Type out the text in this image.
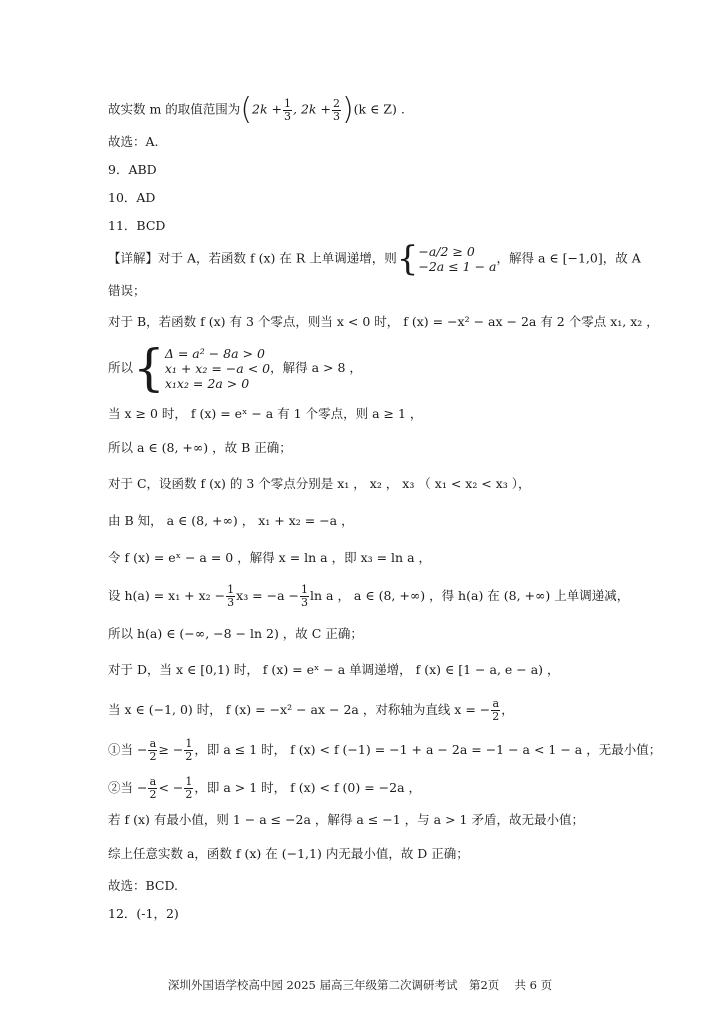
故实数 m 的取值范围为($2k + \frac{1}{3}$ , $2k + \frac{2}{3} )(k$ ∈ Z) .
故选：A.
9．ABD
10．AD
11．BCD
【详解】对于 A，若函数 f (x) 在 R 上单调递增，则{ −a/2 ≥ 0
−2a ≤ 1 − a
，解得 a ∈ [−1,0]，故 A
错误；
对于 B，若函数 f (x) 有 3 个零点，则当 x < 0 时， f (x) = −x² − ax − 2a 有 2 个零点 x₁, x₂ ，
所以{ Δ = a² − 8a > 0
x₁ + x₂ = −a < 0
x₁x₂ = 2a > 0
，解得 a > 8 ，
当 x ≥ 0 时， f (x) = eˣ − a 有 1 个零点，则 a ≥ 1 ，
所以 a ∈ (8, +∞) ，故 B 正确；
对于 C，设函数 f (x) 的 3 个零点分别是 x₁ ， x₂ ， x₃ （ x₁ < x₂ < x₃ ），
由 B 知， a ∈ (8, +∞) ， x₁ + x₂ = −a ，
令 f (x) = eˣ − a = 0 ，解得 x = ln a ，即 x₃ = ln a ，
设 $h(a) = x_1 + x_2 - \frac{1}{3} x_3 = -a - \frac{1}{3}$ ln a ， a ∈ (8, +∞) ，得 h(a) 在 (8, +∞) 上单调递减，
所以 h(a) ∈ (−∞, −8 − ln 2) ，故 C 正确；
对于 D，当 x ∈ [0,1) 时， f (x) = eˣ − a 单调递增， f (x) ∈ [1 − a, e − a) ，
当 x ∈ (−1, 0) 时， f (x) = −x² − ax − 2a ，对称轴为直线 x = − $\frac{a}{2}$ ，
①当 − $\frac{a}{2}$ ≥ − $\frac{1}{2}$ ，即 a ≤ 1 时， f (x) < f (−1) = −1 + a − 2a = −1 − a < 1 − a ，无最小值；
②当 − $\frac{a}{2}$ < − $\frac{1}{2}$ ，即 a > 1 时， f (x) < f (0) = −2a ，
若 f (x) 有最小值，则 1 − a ≤ −2a ，解得 a ≤ −1 ，与 a > 1 矛盾，故无最小值；
综上任意实数 a，函数 f (x) 在 (−1,1) 内无最小值，故 D 正确；
故选：BCD.
12．(-1，2)
深圳外国语学校高中园 2025 届高三年级第二次调研考试　第2页　 共 6 页
